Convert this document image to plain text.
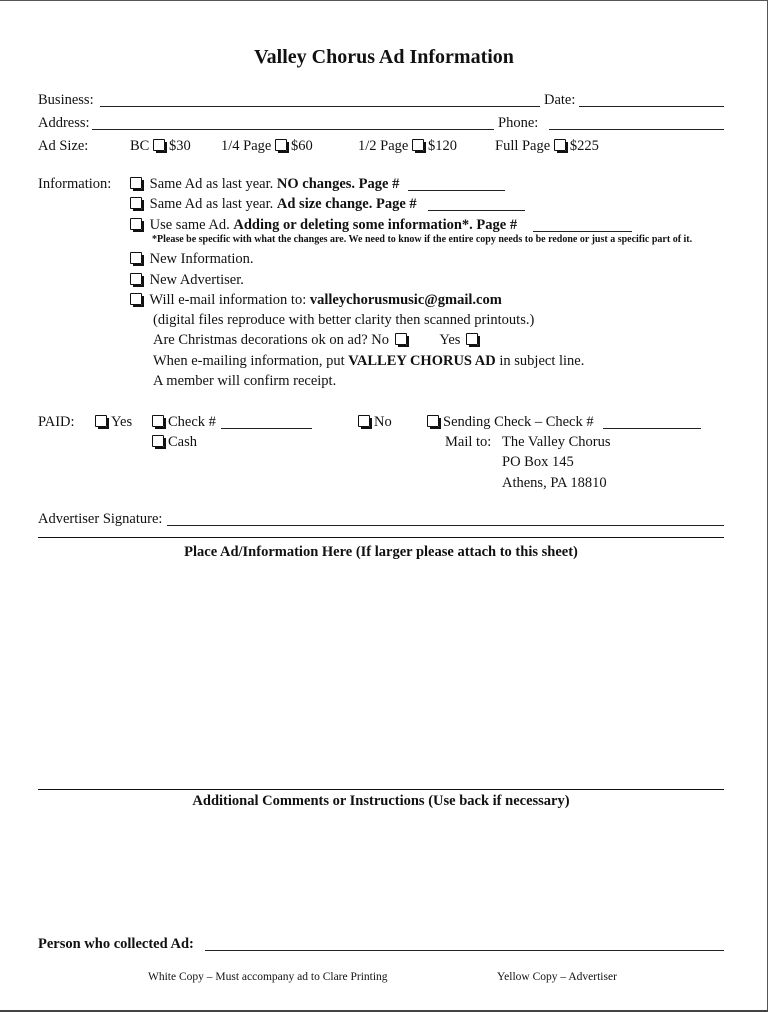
Valley Chorus Ad Information
Business:	Date:
Address:	Phone:
Ad Size:	BC $30 1/4 Page $60	1/2 Page $120	Full Page $225
Information:	Same Ad as last year. NO changes. Page #
Same Ad as last year. Ad size change. Page #
Use same Ad. Adding or deleting some information*. Page #
*Please be specific with what the changes are. We need to know if the entire copy needs to be redone or just a specific part of it.
New Information.
New Advertiser.
Will e-mail information to: valleychorusmusic@gmail.com
(digital files reproduce with better clarity then scanned printouts.)
Are Christmas decorations ok on ad? No	Yes
When e-mailing information, put VALLEY CHORUS AD in subject line.
A member will confirm receipt.
PAID:	Yes	Check #
Cash
No	Sending Check – Check #
Mail to: The Valley Chorus
PO Box 145
Athens, PA 18810
Advertiser Signature:
Place Ad/Information Here (If larger please attach to this sheet)
Additional Comments or Instructions (Use back if necessary)
Person who collected Ad:
White Copy – Must accompany ad to Clare Printing	Yellow Copy – Advertiser
